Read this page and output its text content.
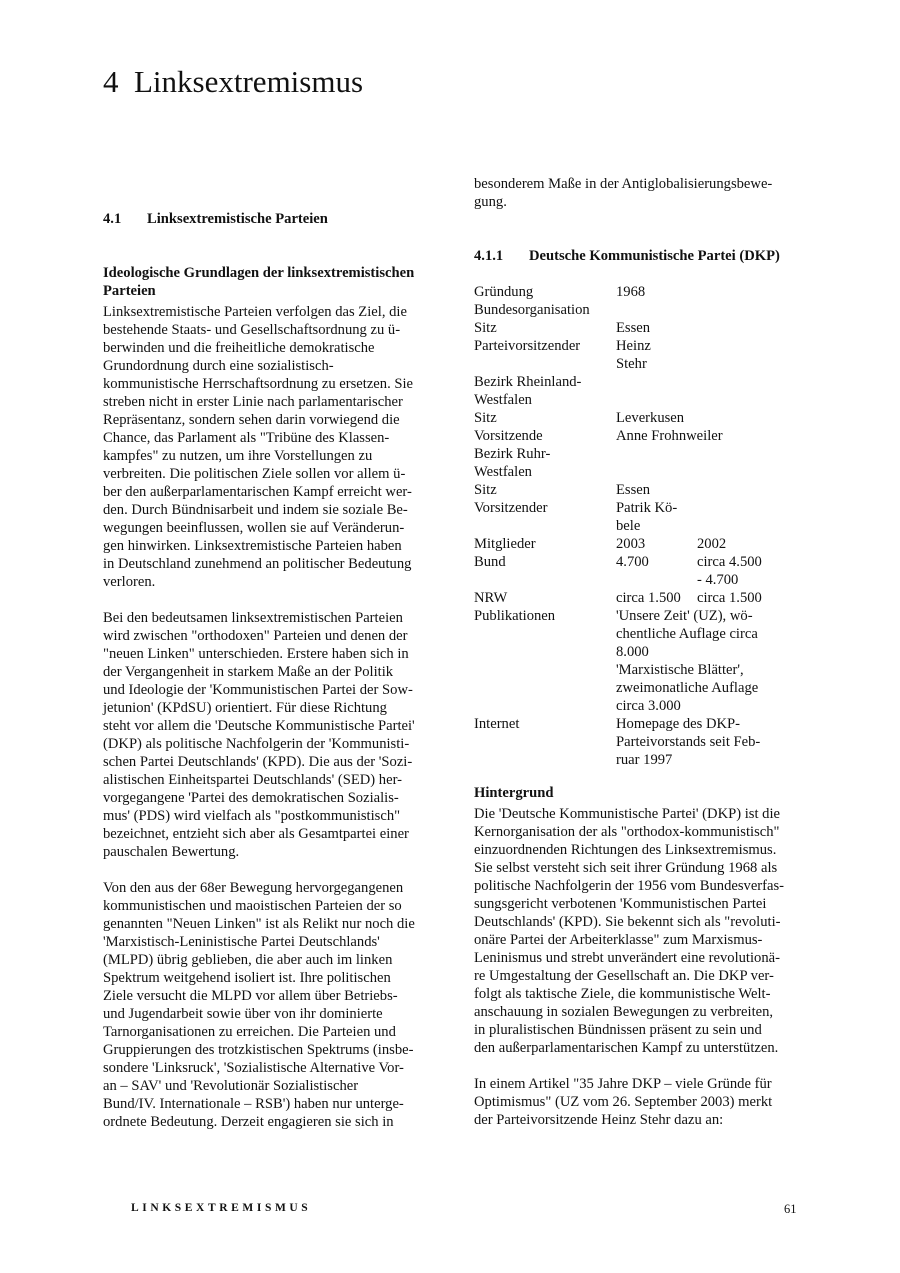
4  Linksextremismus
4.1 Linksextremistische Parteien
Ideologische Grundlagen der linksextremistischen
Parteien

Linksextremistische Parteien verfolgen das Ziel, die
bestehende Staats- und Gesellschaftsordnung zu ü-
berwinden und die freiheitliche demokratische
Grundordnung durch eine sozialistisch-
kommunistische Herrschaftsordnung zu ersetzen. Sie
streben nicht in erster Linie nach parlamentarischer
Repräsentanz, sondern sehen darin vorwiegend die
Chance, das Parlament als "Tribüne des Klassen-
kampfes" zu nutzen, um ihre Vorstellungen zu
verbreiten. Die politischen Ziele sollen vor allem ü-
ber den außerparlamentarischen Kampf erreicht wer-
den. Durch Bündnisarbeit und indem sie soziale Be-
wegungen beeinflussen, wollen sie auf Veränderun-
gen hinwirken. Linksextremistische Parteien haben
in Deutschland zunehmend an politischer Bedeutung
verloren.

Bei den bedeutsamen linksextremistischen Parteien
wird zwischen "orthodoxen" Parteien und denen der
"neuen Linken" unterschieden. Erstere haben sich in
der Vergangenheit in starkem Maße an der Politik
und Ideologie der 'Kommunistischen Partei der Sow-
jetunion' (KPdSU) orientiert. Für diese Richtung
steht vor allem die 'Deutsche Kommunistische Partei'
(DKP) als politische Nachfolgerin der 'Kommunisti-
schen Partei Deutschlands' (KPD). Die aus der 'Sozi-
alistischen Einheitspartei Deutschlands' (SED) her-
vorgegangene 'Partei des demokratischen Sozialis-
mus' (PDS) wird vielfach als "postkommunistisch"
bezeichnet, entzieht sich aber als Gesamtpartei einer
pauschalen Bewertung.

Von den aus der 68er Bewegung hervorgegangenen
kommunistischen und maoistischen Parteien der so
genannten "Neuen Linken" ist als Relikt nur noch die
'Marxistisch-Leninistische Partei Deutschlands'
(MLPD) übrig geblieben, die aber auch im linken
Spektrum weitgehend isoliert ist. Ihre politischen
Ziele versucht die MLPD vor allem über Betriebs-
und Jugendarbeit sowie über von ihr dominierte
Tarnorganisationen zu erreichen. Die Parteien und
Gruppierungen des trotzkistischen Spektrums (insbe-
sondere 'Linksruck', 'Sozialistische Alternative Vor-
an – SAV' und 'Revolutionär Sozialistischer
Bund/IV. Internationale – RSB') haben nur unterge-
ordnete Bedeutung. Derzeit engagieren sie sich in

besonderem Maße in der Antiglobalisierungsbewe-
gung.

4.1.1 Deutsche Kommunistische Partei (DKP)
Gründung	1968
Bundesorganisation
Sitz	Essen
Parteivorsitzender	Heinz
Stehr
Bezirk Rheinland-
Westfalen
Sitz	Leverkusen
Vorsitzende	Anne Frohnweiler
Bezirk Ruhr-
Westfalen
Sitz	Essen
Vorsitzender	Patrik Kö-
bele
Mitglieder	2003	2002
Bund	4.700	circa 4.500
- 4.700
NRW	circa 1.500	circa 1.500
Publikationen	'Unsere Zeit' (UZ), wö-
chentliche Auflage circa
8.000
'Marxistische Blätter',
zweimonatliche Auflage
circa 3.000
Internet	Homepage des DKP-
Parteivorstands seit Feb-
ruar 1997
Hintergrund

Die 'Deutsche Kommunistische Partei' (DKP) ist die
Kernorganisation der als "orthodox-kommunistisch"
einzuordnenden Richtungen des Linksextremismus.
Sie selbst versteht sich seit ihrer Gründung 1968 als
politische Nachfolgerin der 1956 vom Bundesverfas-
sungsgericht verbotenen 'Kommunistischen Partei
Deutschlands' (KPD). Sie bekennt sich als "revoluti-
onäre Partei der Arbeiterklasse" zum Marxismus-
Leninismus und strebt unverändert eine revolutionä-
re Umgestaltung der Gesellschaft an. Die DKP ver-
folgt als taktische Ziele, die kommunistische Welt-
anschauung in sozialen Bewegungen zu verbreiten,
in pluralistischen Bündnissen präsent zu sein und
den außerparlamentarischen Kampf zu unterstützen.

In einem Artikel "35 Jahre DKP – viele Gründe für
Optimismus" (UZ vom 26. September 2003) merkt
der Parteivorsitzende Heinz Stehr dazu an:

LINKSEXTREMISMUS	61
